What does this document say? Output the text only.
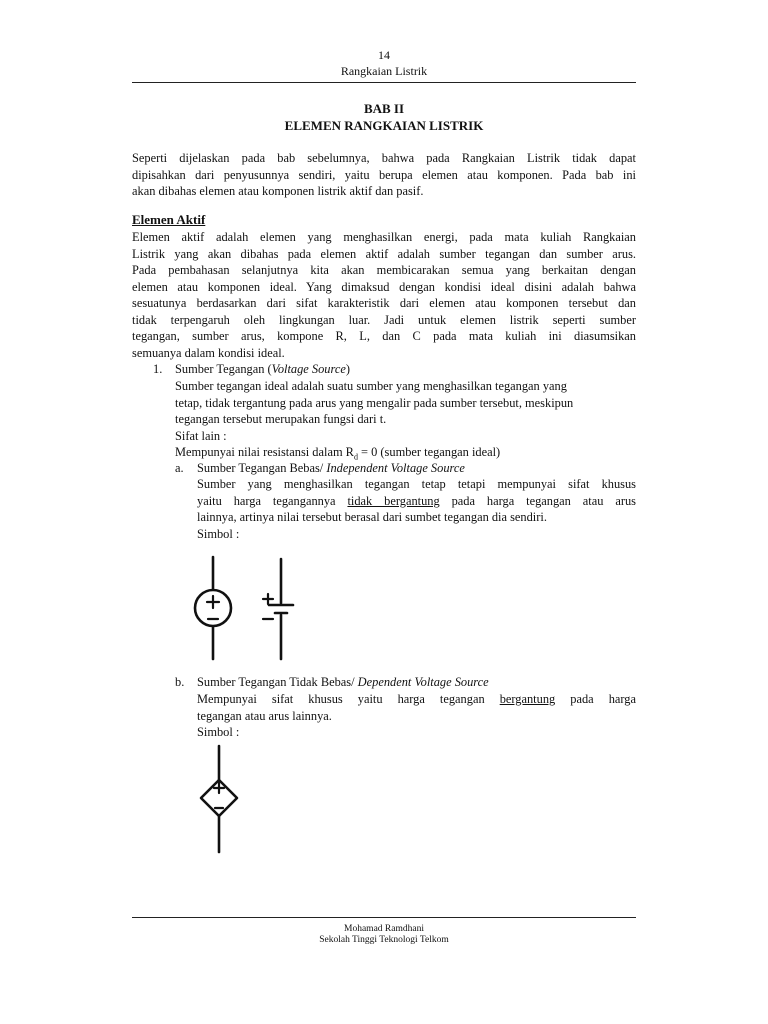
14
Rangkaian Listrik
BAB II
ELEMEN RANGKAIAN LISTRIK
Seperti dijelaskan pada bab sebelumnya, bahwa pada Rangkaian Listrik tidak dapat
dipisahkan dari penyusunnya sendiri, yaitu berupa elemen atau komponen. Pada bab ini
akan dibahas elemen atau komponen listrik aktif dan pasif.
Elemen Aktif
Elemen aktif adalah elemen yang menghasilkan energi, pada mata kuliah Rangkaian
Listrik yang akan dibahas pada elemen aktif adalah sumber tegangan dan sumber arus.
Pada pembahasan selanjutnya kita akan membicarakan semua yang berkaitan dengan
elemen atau komponen ideal. Yang dimaksud dengan kondisi ideal disini adalah bahwa
sesuatunya berdasarkan dari sifat karakteristik dari elemen atau komponen tersebut dan
tidak terpengaruh oleh lingkungan luar. Jadi untuk elemen listrik seperti sumber
tegangan, sumber arus, kompone R, L, dan C pada mata kuliah ini diasumsikan
semuanya dalam kondisi ideal.
1. Sumber Tegangan (Voltage Source)
Sumber tegangan ideal adalah suatu sumber yang menghasilkan tegangan yang
tetap, tidak tergantung pada arus yang mengalir pada sumber tersebut, meskipun
tegangan tersebut merupakan fungsi dari t.
Sifat lain :
Mempunyai nilai resistansi dalam $R_d = 0$ (sumber tegangan ideal)
a. Sumber Tegangan Bebas/ Independent Voltage Source
Sumber yang menghasilkan tegangan tetap tetapi mempunyai sifat khusus
yaitu harga tegangannya tidak bergantung pada harga tegangan atau arus
lainnya, artinya nilai tersebut berasal dari sumbet tegangan dia sendiri.
Simbol :
b. Sumber Tegangan Tidak Bebas/ Dependent Voltage Source
Mempunyai sifat khusus yaitu harga tegangan bergantung pada harga
tegangan atau arus lainnya.
Simbol :
Mohamad Ramdhani
Sekolah Tinggi Teknologi Telkom
